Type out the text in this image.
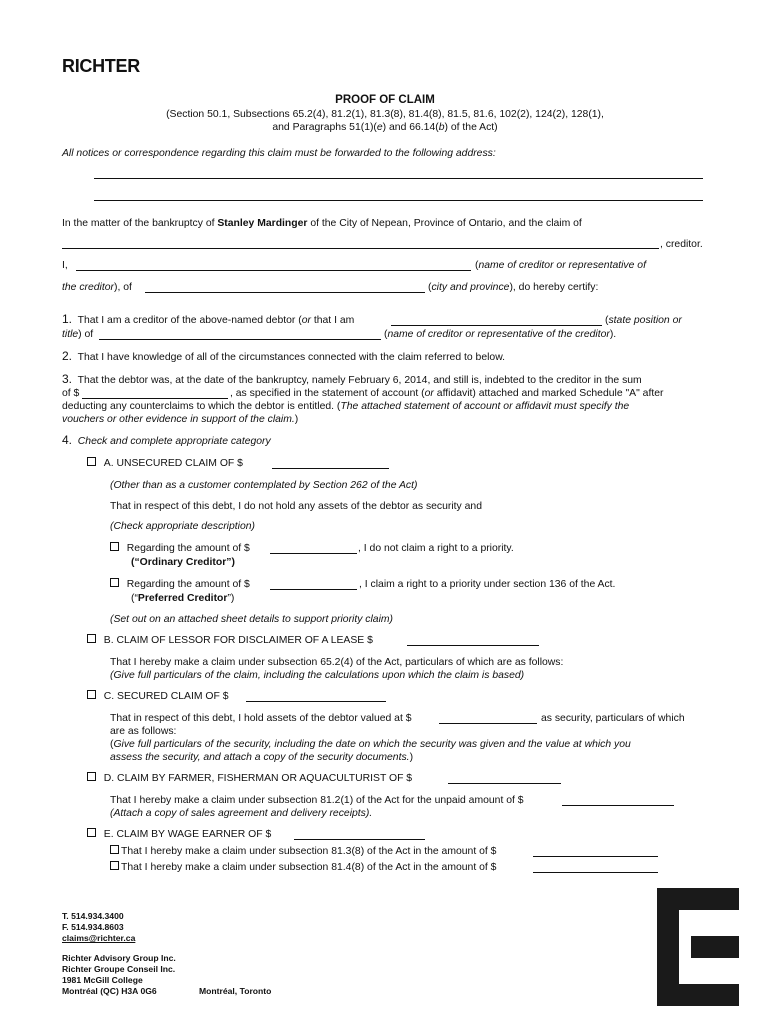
RICHTER
PROOF OF CLAIM
(Section 50.1, Subsections 65.2(4), 81.2(1), 81.3(8), 81.4(8), 81.5, 81.6, 102(2), 124(2), 128(1),
and Paragraphs 51(1)(e) and 66.14(b) of the Act)
All notices or correspondence regarding this claim must be forwarded to the following address:
In the matter of the bankruptcy of Stanley Mardinger of the City of Nepean, Province of Ontario, and the claim of
, creditor.
I,	(name of creditor or representative of
the creditor), of	(city and province), do hereby certify:
1. That I am a creditor of the above-named debtor (or that I am	(state position or
title) of	(name of creditor or representative of the creditor).
2. That I have knowledge of all of the circumstances connected with the claim referred to below.
3. That the debtor was, at the date of the bankruptcy, namely February 6, 2014, and still is, indebted to the creditor in the sum
of $	, as specified in the statement of account (or affidavit) attached and marked Schedule "A" after
deducting any counterclaims to which the debtor is entitled. (The attached statement of account or affidavit must specify the
vouchers or other evidence in support of the claim.)
4. Check and complete appropriate category
A. UNSECURED CLAIM OF $
(Other than as a customer contemplated by Section 262 of the Act)
That in respect of this debt, I do not hold any assets of the debtor as security and
(Check appropriate description)
Regarding the amount of $	, I do not claim a right to a priority.
(“Ordinary Creditor”)
Regarding the amount of $	, I claim a right to a priority under section 136 of the Act.
(“Preferred Creditor”)
(Set out on an attached sheet details to support priority claim)
B. CLAIM OF LESSOR FOR DISCLAIMER OF A LEASE $
That I hereby make a claim under subsection 65.2(4) of the Act, particulars of which are as follows:
(Give full particulars of the claim, including the calculations upon which the claim is based)
C. SECURED CLAIM OF $
That in respect of this debt, I hold assets of the debtor valued at $	as security, particulars of which
are as follows:
(Give full particulars of the security, including the date on which the security was given and the value at which you
assess the security, and attach a copy of the security documents.)
D. CLAIM BY FARMER, FISHERMAN OR AQUACULTURIST OF $
That I hereby make a claim under subsection 81.2(1) of the Act for the unpaid amount of $
(Attach a copy of sales agreement and delivery receipts).
E. CLAIM BY WAGE EARNER OF $
That I hereby make a claim under subsection 81.3(8) of the Act in the amount of $
That I hereby make a claim under subsection 81.4(8) of the Act in the amount of $
T. 514.934.3400
F. 514.934.8603
claims@richter.ca
Richter Advisory Group Inc.
Richter Groupe Conseil Inc.
1981 McGill College
Montréal (QC) H3A 0G6	Montréal, Toronto
